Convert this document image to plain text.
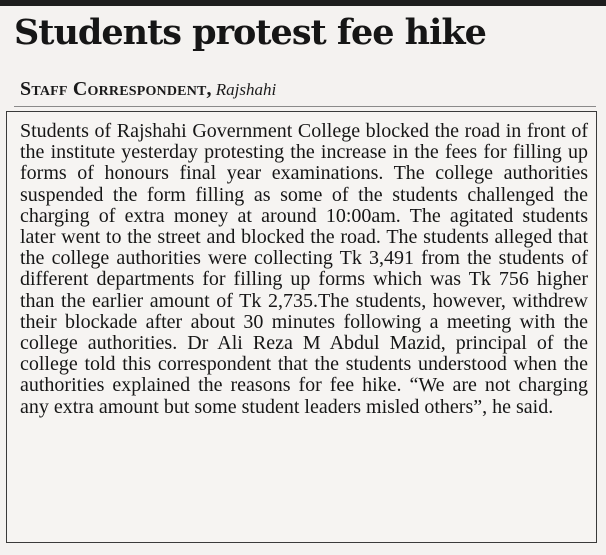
Students protest fee hike
Staff Correspondent, Rajshahi

Students of Rajshahi Government College blocked the road in front of the institute yesterday protesting the increase in the fees for filling up forms of honours final year examinations. The college authorities suspended the form filling as some of the students challenged the charging of extra money at around 10:00am. The agitated students later went to the street and blocked the road. The students alleged that the college authorities were collecting Tk 3,491 from the students of different departments for filling up forms which was Tk 756 higher than the earlier amount of Tk 2,735.The students, however, withdrew their blockade after about 30 minutes following a meeting with the college authorities. Dr Ali Reza M Abdul Mazid, principal of the college told this correspondent that the students understood when the authorities explained the reasons for fee hike. “We are not charging any extra amount but some student leaders misled others”, he said.
